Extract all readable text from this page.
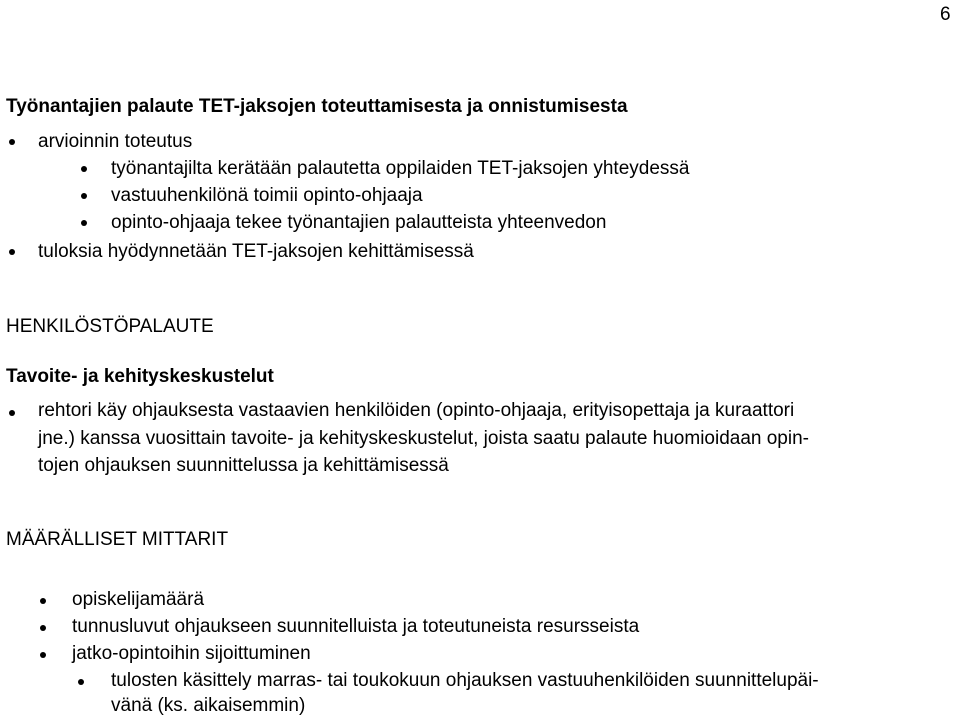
6
Työnantajien palaute TET-jaksojen toteuttamisesta ja onnistumisesta
arvioinnin toteutus
työnantajilta kerätään palautetta oppilaiden TET-jaksojen yhteydessä
vastuuhenkilönä toimii opinto-ohjaaja
opinto-ohjaaja tekee työnantajien palautteista yhteenvedon
tuloksia hyödynnetään TET-jaksojen kehittämisessä
HENKILÖSTÖPALAUTE
Tavoite- ja kehityskeskustelut
rehtori käy ohjauksesta vastaavien henkilöiden (opinto-ohjaaja, erityisopettaja ja kuraattori
jne.) kanssa vuosittain tavoite- ja kehityskeskustelut, joista saatu palaute huomioidaan opin-
tojen ohjauksen suunnittelussa ja kehittämisessä
MÄÄRÄLLISET MITTARIT
opiskelijamäärä
tunnusluvut ohjaukseen suunnitelluista ja toteutuneista resursseista
jatko-opintoihin sijoittuminen
tulosten käsittely marras- tai toukokuun ohjauksen vastuuhenkilöiden suunnittelupäi-
vänä (ks. aikaisemmin)
